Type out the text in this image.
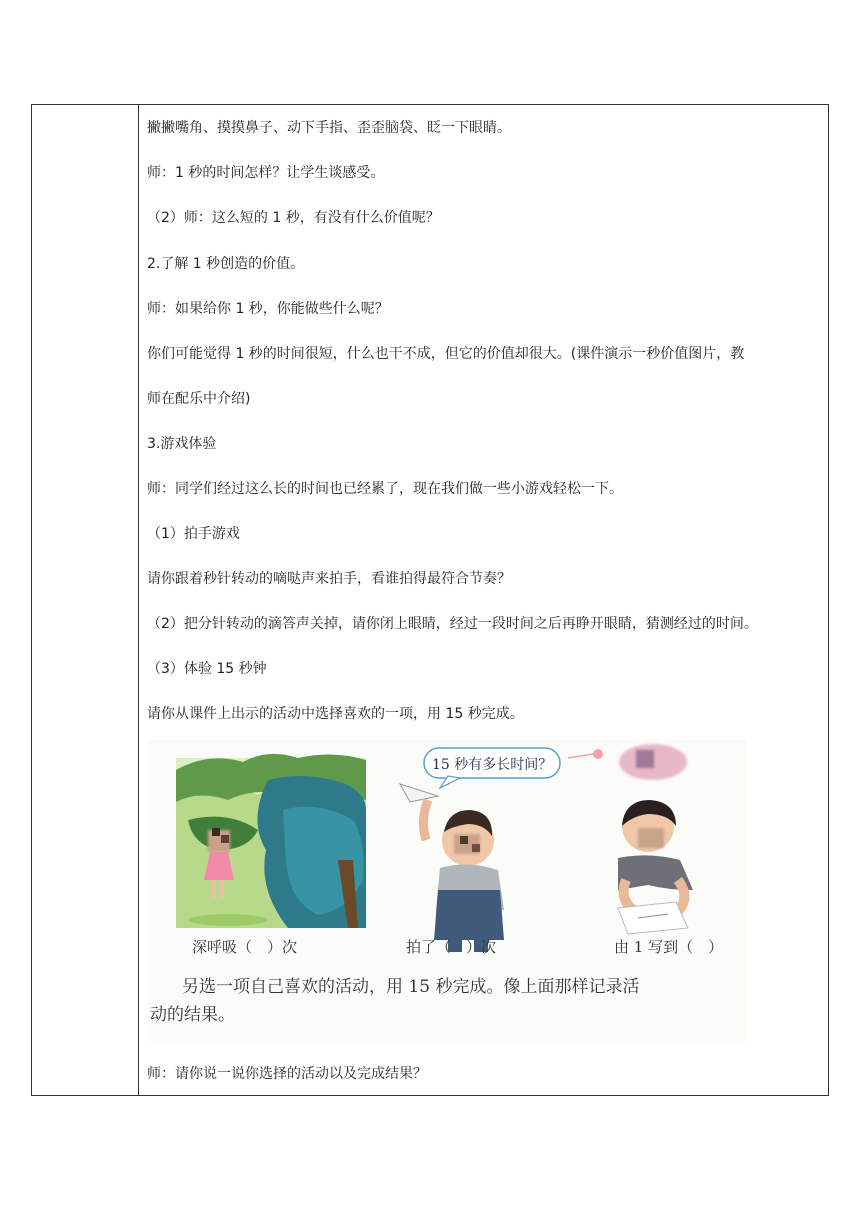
撇撇嘴角、摸摸鼻子、动下手指、歪歪脑袋、眨一下眼睛。
师：1 秒的时间怎样？让学生谈感受。
（2）师：这么短的 1 秒，有没有什么价值呢？
2.了解 1 秒创造的价值。
师：如果给你 1 秒，你能做些什么呢？
你们可能觉得 1 秒的时间很短，什么也干不成，但它的价值却很大。(课件演示一秒价值图片，教
师在配乐中介绍)
3.游戏体验
师：同学们经过这么长的时间也已经累了，现在我们做一些小游戏轻松一下。
（1）拍手游戏
请你跟着秒针转动的嘀哒声来拍手，看谁拍得最符合节奏？
（2）把分针转动的滴答声关掉，请你闭上眼睛，经过一段时间之后再睁开眼睛，猜测经过的时间。
（3）体验 15 秒钟
请你从课件上出示的活动中选择喜欢的一项，用 15 秒完成。
师：请你说一说你选择的活动以及完成结果？
15 秒有多长时间？
深呼吸（　）次	拍了（　）次	由 1 写到（　）
另选一项自己喜欢的活动，用 15 秒完成。像上面那样记录活
动的结果。
